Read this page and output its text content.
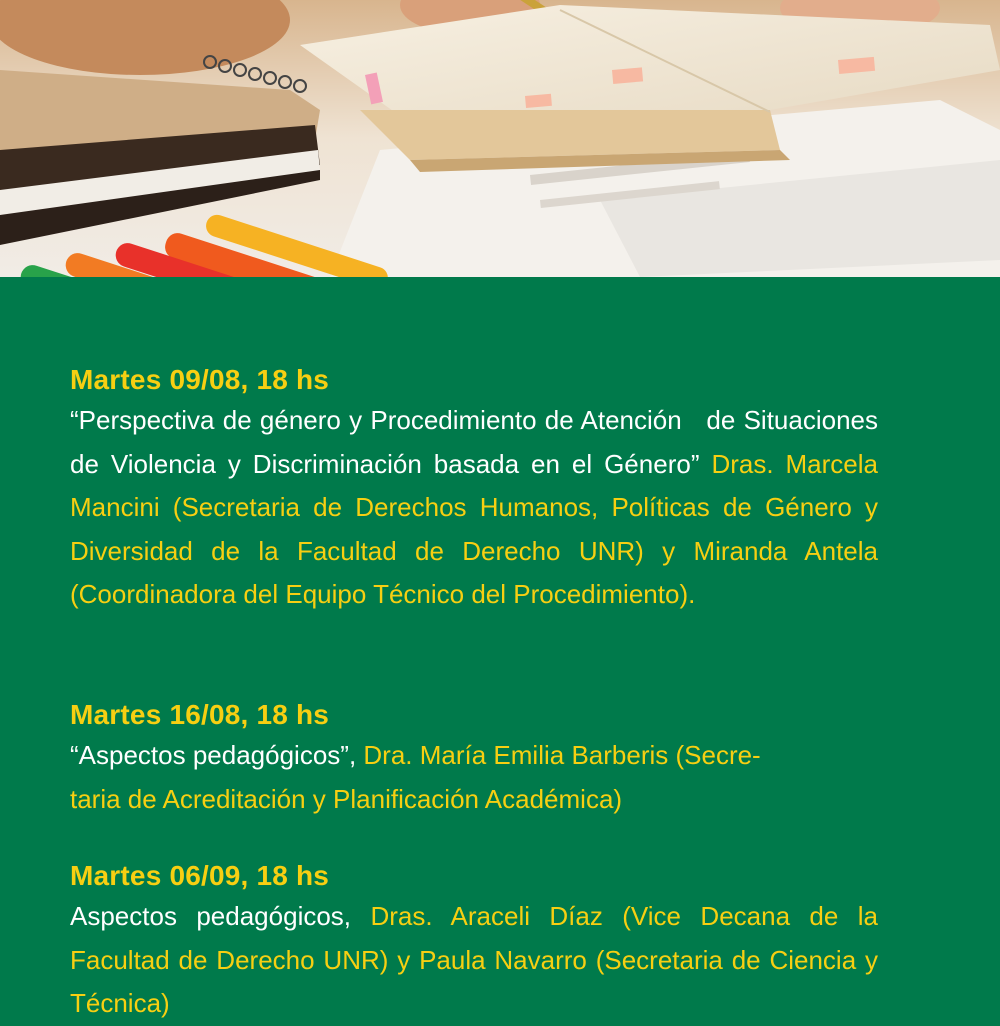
Martes 09/08, 18 hs

“Perspectiva de género y Procedimiento de Atención   de Situaciones de Violencia y Discriminación basada en el Género” Dras. Marcela Mancini (Secretaria de Derechos Humanos, Políticas de Género y Diversidad de la Facultad de Derecho UNR) y Miranda Antela (Coordinadora del Equipo Técnico del Procedimiento).

Martes 16/08, 18 hs

“Aspectos pedagógicos”, Dra. María Emilia Barberis (Secre-
taria de Acreditación y Planificación Académica)

Martes 06/09, 18 hs

Aspectos pedagógicos, Dras. Araceli Díaz (Vice Decana de la Facultad de Derecho UNR) y Paula Navarro (Secretaria de Ciencia y Técnica)
